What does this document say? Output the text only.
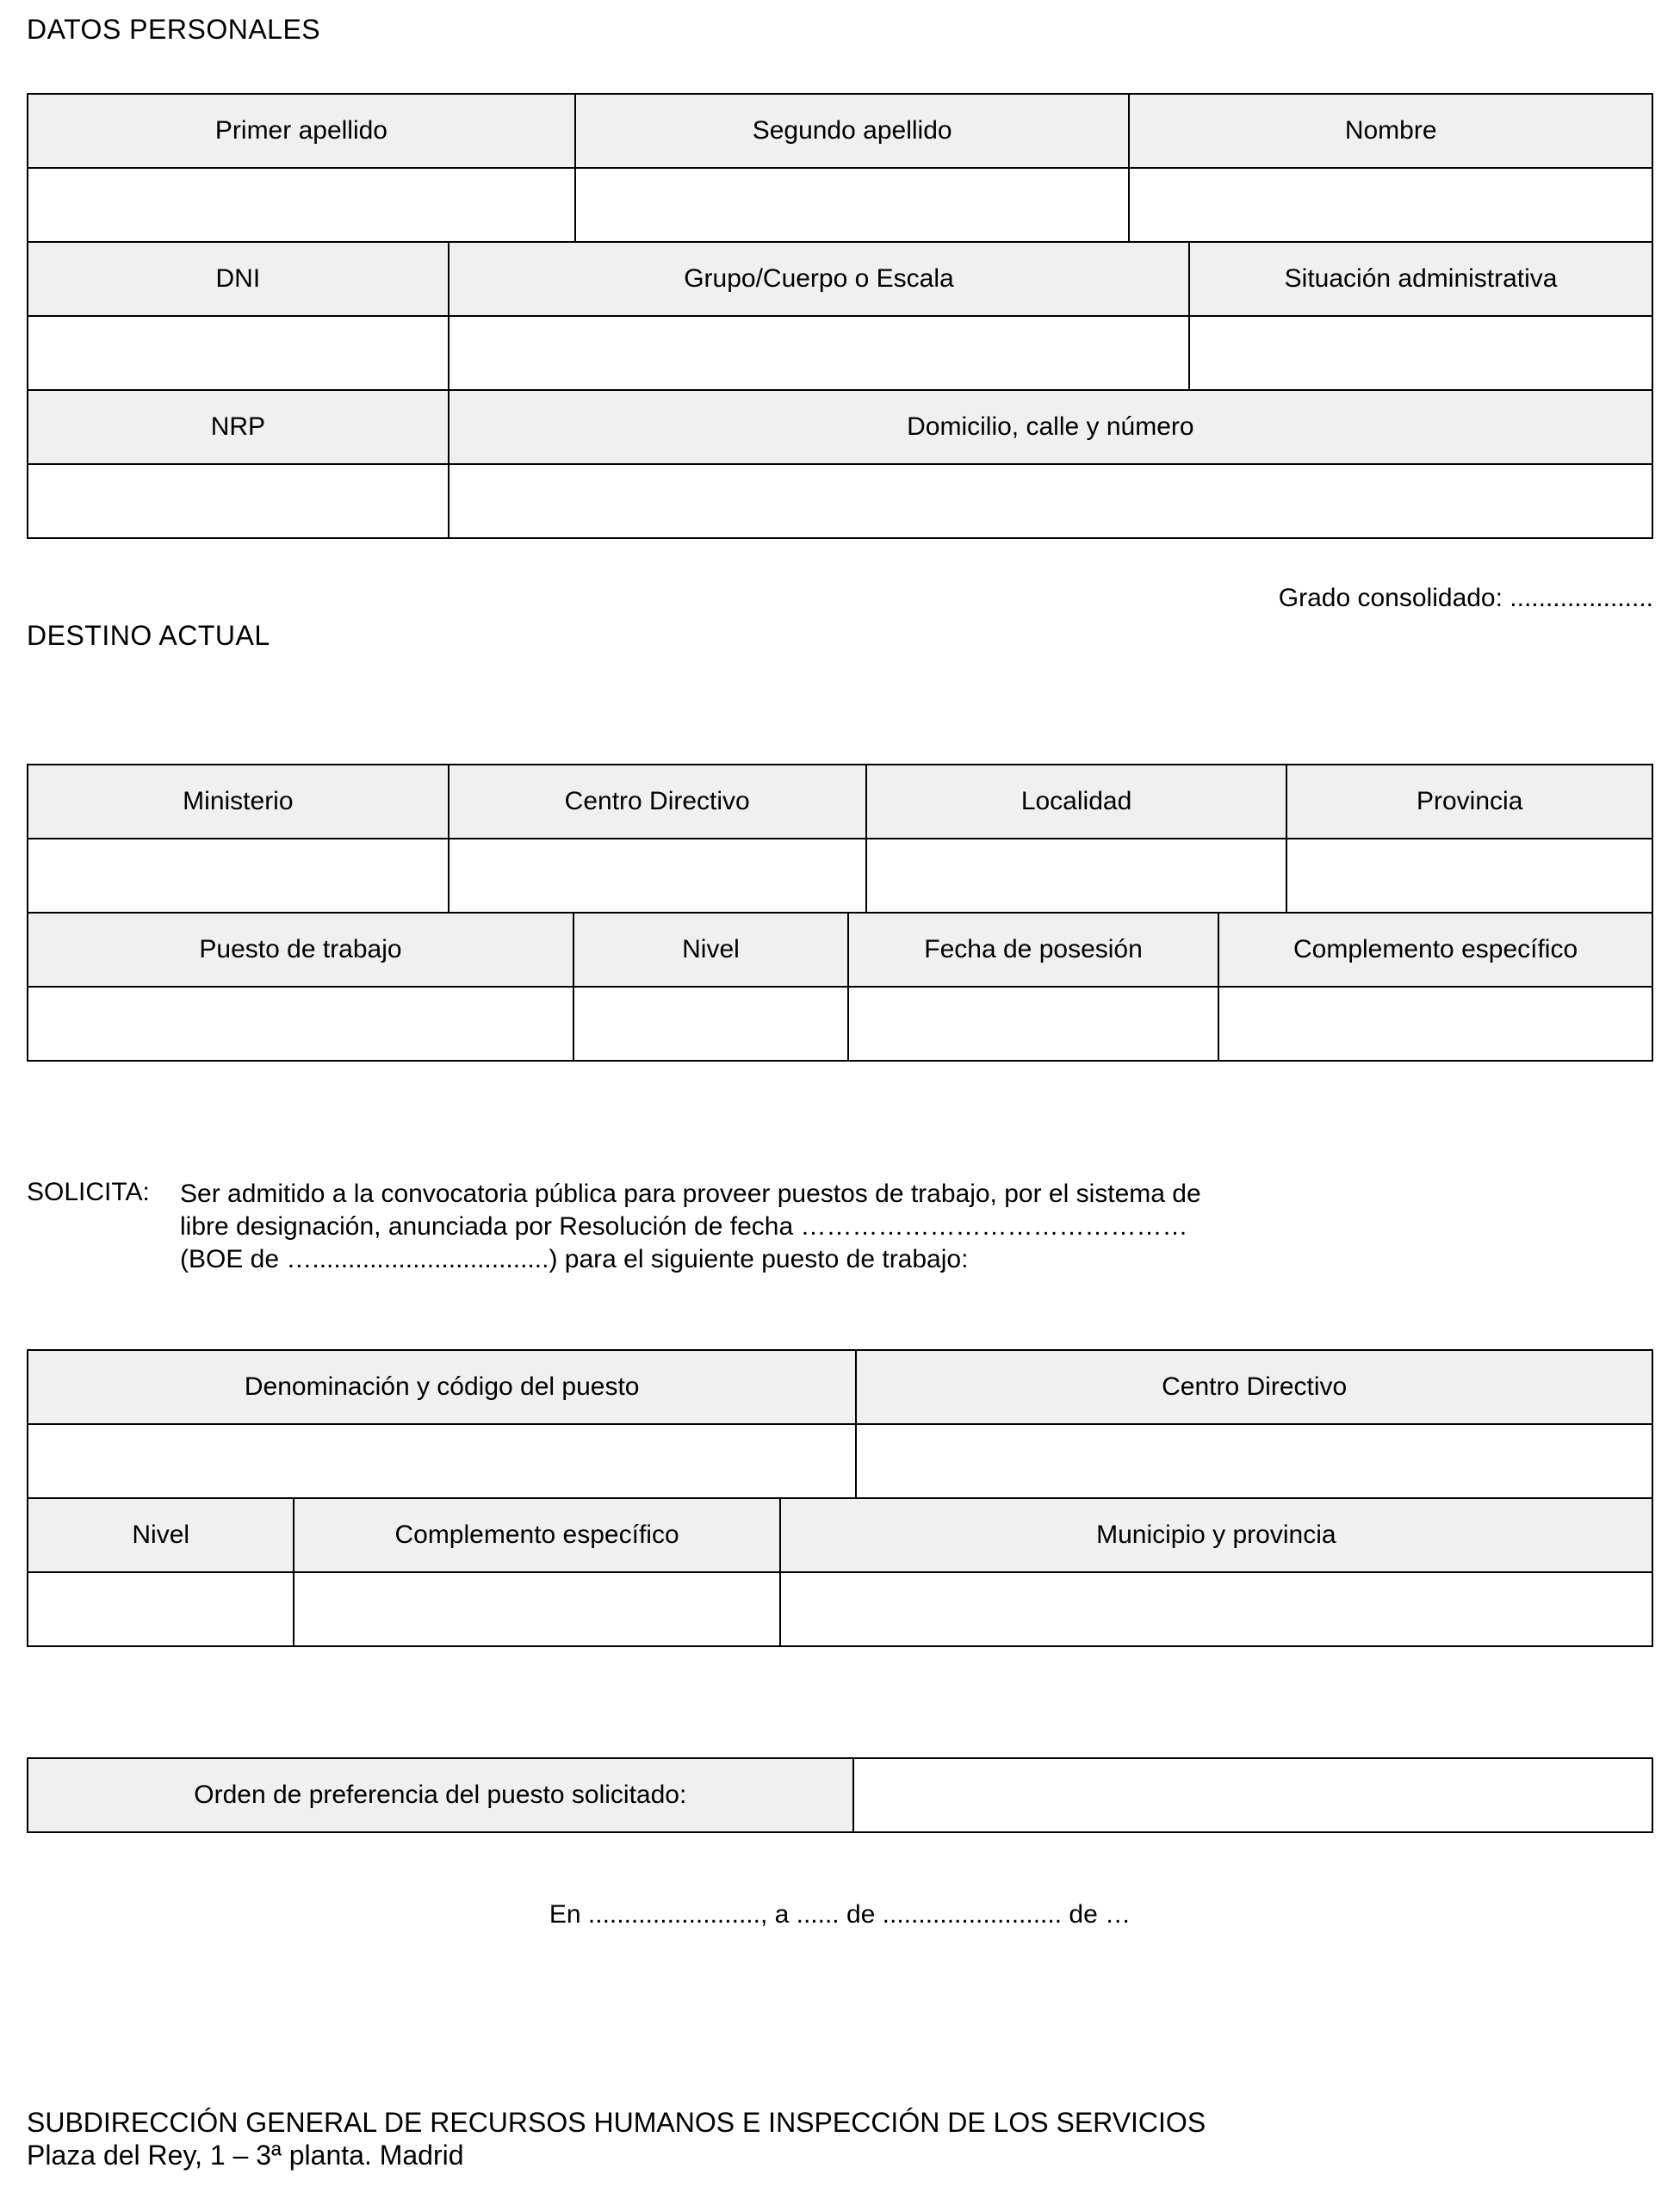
DATOS PERSONALES
Primer apellido	Segundo apellido	Nombre

DNI	Grupo/Cuerpo o Escala	Situación administrativa

NRP	Domicilio, calle y número

Grado consolidado: ....................
DESTINO ACTUAL
Ministerio	Centro Directivo	Localidad	Provincia

Puesto de trabajo	Nivel	Fecha de posesión	Complemento específico

SOLICITA:	Ser admitido a la convocatoria pública para proveer puestos de trabajo, por el sistema de
libre designación, anunciada por Resolución de fecha ………………………………………
(BOE de ….................................) para el siguiente puesto de trabajo:
Denominación y código del puesto	Centro Directivo

Nivel	Complemento específico	Municipio y provincia

Orden de preferencia del puesto solicitado:	
En ........................, a ...... de ......................... de …
SUBDIRECCIÓN GENERAL DE RECURSOS HUMANOS E INSPECCIÓN DE LOS SERVICIOS
Plaza del Rey, 1 – 3ª planta. Madrid
